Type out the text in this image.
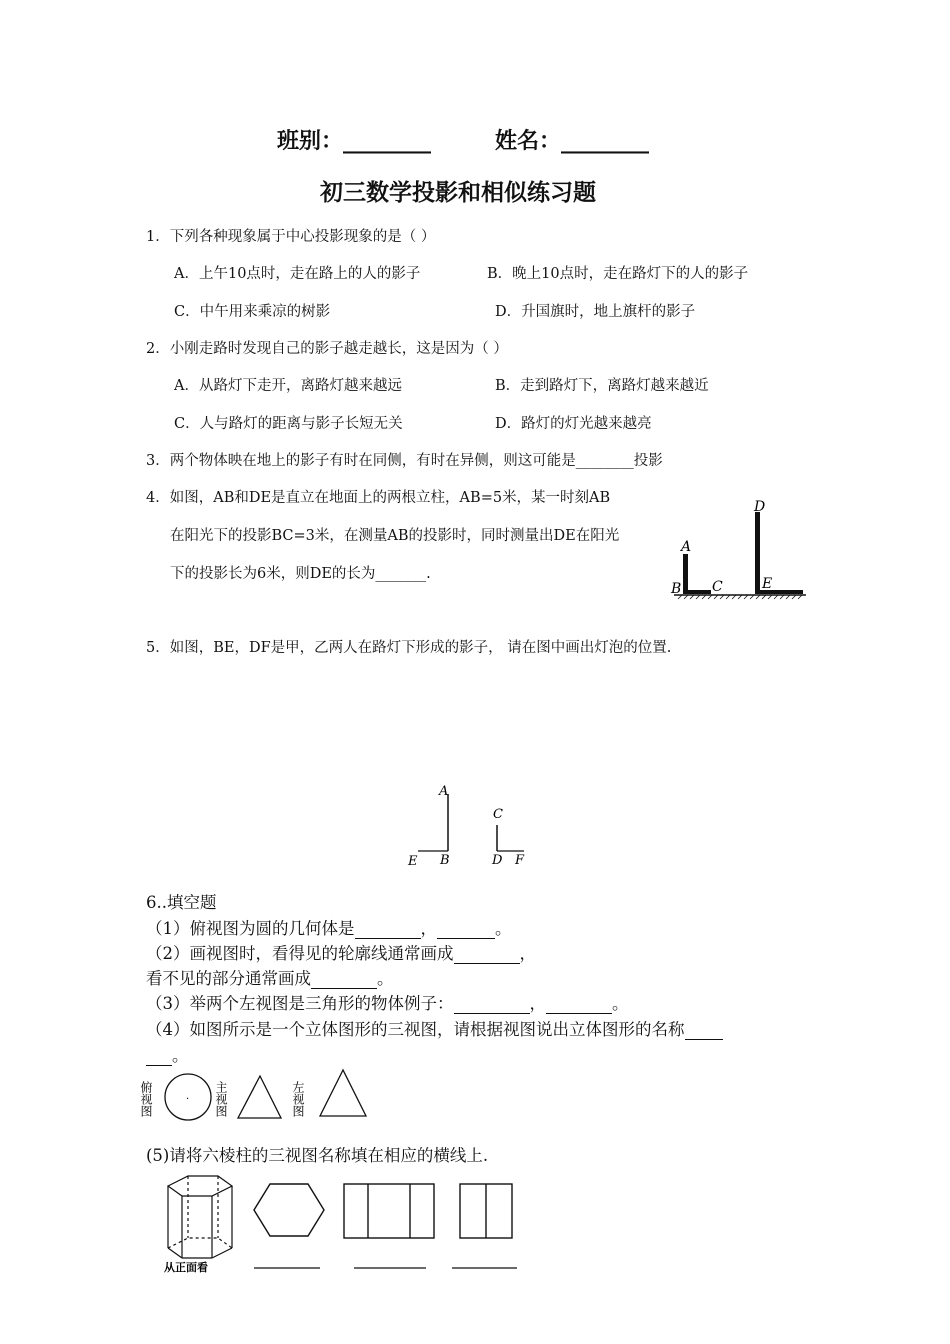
班别：________	姓名：________
初三数学投影和相似练习题
1．下列各种现象属于中心投影现象的是（ ）
A．上午10点时，走在路上的人的影子	B．晚上10点时，走在路灯下的人的影子
C．中午用来乘凉的树影	D．升国旗时，地上旗杆的影子
2．小刚走路时发现自己的影子越走越长，这是因为（ ）
A．从路灯下走开，离路灯越来越远	B．走到路灯下，离路灯越来越近
C．人与路灯的距离与影子长短无关	D．路灯的灯光越来越亮
3．两个物体映在地上的影子有时在同侧，有时在异侧，则这可能是________投影
4．如图，AB和DE是直立在地面上的两根立柱，AB=5米，某一时刻AB
在阳光下的投影BC=3米，在测量AB的投影时，同时测量出DE在阳光
下的投影长为6米，则DE的长为_______.
A
B C
D
E
5．如图，BE，DF是甲，乙两人在路灯下形成的影子， 请在图中画出灯泡的位置.
A
B
C
D
E	F
6..填空题
（1）俯视图为圆的几何体是	，	。
（2）画视图时，看得见的轮廓线通常画成	，
看不见的部分通常画成	。
（3）举两个左视图是三角形的物体例子：	，	。
（4）如图所示是一个立体图形的三视图，请根据视图说出立体图形的名称
。
俯视图	· 主视图	左视图
(5)请将六棱柱的三视图名称填在相应的横线上.
从正面看
